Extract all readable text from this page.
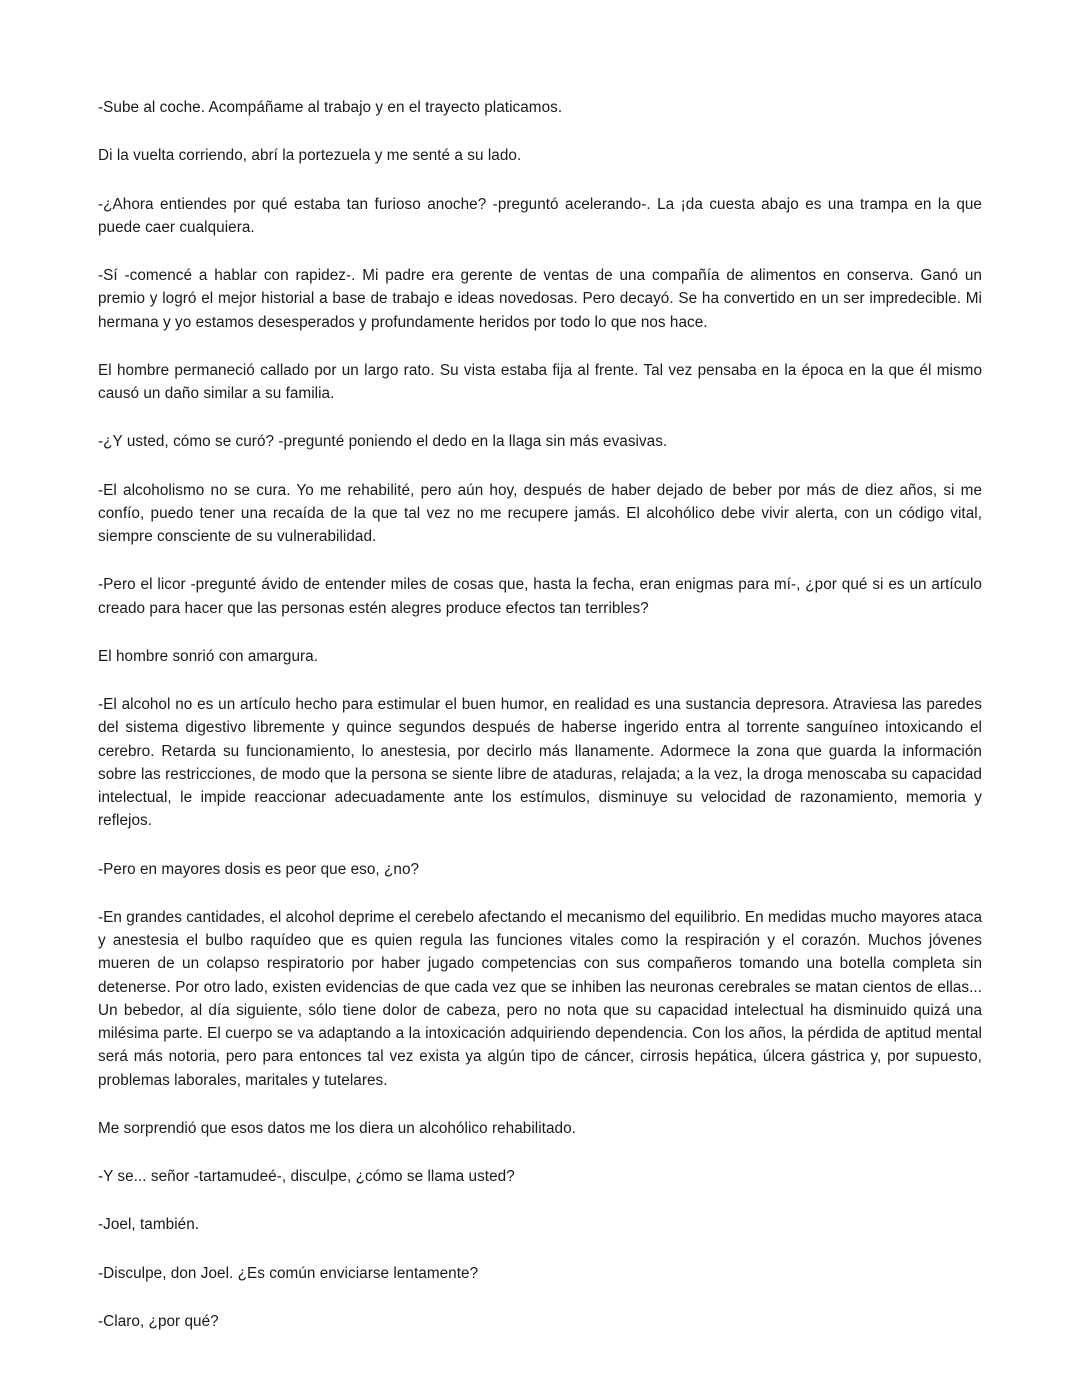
-Sube al coche. Acompáñame al trabajo y en el trayecto platicamos.

Di la vuelta corriendo, abrí la portezuela y me senté a su lado.

-¿Ahora entiendes por qué estaba tan furioso anoche? -preguntó acelerando-. La ¡da cuesta abajo es una trampa en la que puede caer cualquiera.

-Sí -comencé a hablar con rapidez-. Mi padre era gerente de ventas de una compañía de alimentos en conserva. Ganó un premio y logró el mejor historial a base de trabajo e ideas novedosas. Pero decayó. Se ha convertido en un ser impredecible. Mi hermana y yo estamos desesperados y profundamente heridos por todo lo que nos hace.

El hombre permaneció callado por un largo rato. Su vista estaba fija al frente. Tal vez pensaba en la época en la que él mismo causó un daño similar a su familia.

-¿Y usted, cómo se curó? -pregunté poniendo el dedo en la llaga sin más evasivas.

-El alcoholismo no se cura. Yo me rehabilité, pero aún hoy, después de haber dejado de beber por más de diez años, si me confío, puedo tener una recaída de la que tal vez no me recupere jamás. El alcohólico debe vivir alerta, con un código vital, siempre consciente de su vulnerabilidad.

-Pero el licor -pregunté ávido de entender miles de cosas que, hasta la fecha, eran enigmas para mí-, ¿por qué si es un artículo creado para hacer que las personas estén alegres produce efectos tan terribles?

El hombre sonrió con amargura.

-El alcohol no es un artículo hecho para estimular el buen humor, en realidad es una sustancia depresora. Atraviesa las paredes del sistema digestivo libremente y quince segundos después de haberse ingerido entra al torrente sanguíneo intoxicando el cerebro. Retarda su funcionamiento, lo anestesia, por decirlo más llanamente. Adormece la zona que guarda la información sobre las restricciones, de modo que la persona se siente libre de ataduras, relajada; a la vez, la droga menoscaba su capacidad intelectual, le impide reaccionar adecuadamente ante los estímulos, disminuye su velocidad de razonamiento, memoria y reflejos.

-Pero en mayores dosis es peor que eso, ¿no?

-En grandes cantidades, el alcohol deprime el cerebelo afectando el mecanismo del equilibrio. En medidas mucho mayores ataca y anestesia el bulbo raquídeo que es quien regula las funciones vitales como la respiración y el corazón. Muchos jóvenes mueren de un colapso respiratorio por haber jugado competencias con sus compañeros tomando una botella completa sin detenerse. Por otro lado, existen evidencias de que cada vez que se inhiben las neuronas cerebrales se matan cientos de ellas... Un bebedor, al día siguiente, sólo tiene dolor de cabeza, pero no nota que su capacidad intelectual ha disminuido quizá una milésima parte. El cuerpo se va adaptando a la intoxicación adquiriendo dependencia. Con los años, la pérdida de aptitud mental será más notoria, pero para entonces tal vez exista ya algún tipo de cáncer, cirrosis hepática, úlcera gástrica y, por supuesto, problemas laborales, maritales y tutelares.

Me sorprendió que esos datos me los diera un alcohólico rehabilitado.

-Y se... señor -tartamudeé-, disculpe, ¿cómo se llama usted?

-Joel, también.

-Disculpe, don Joel. ¿Es común enviciarse lentamente?

-Claro, ¿por qué?
